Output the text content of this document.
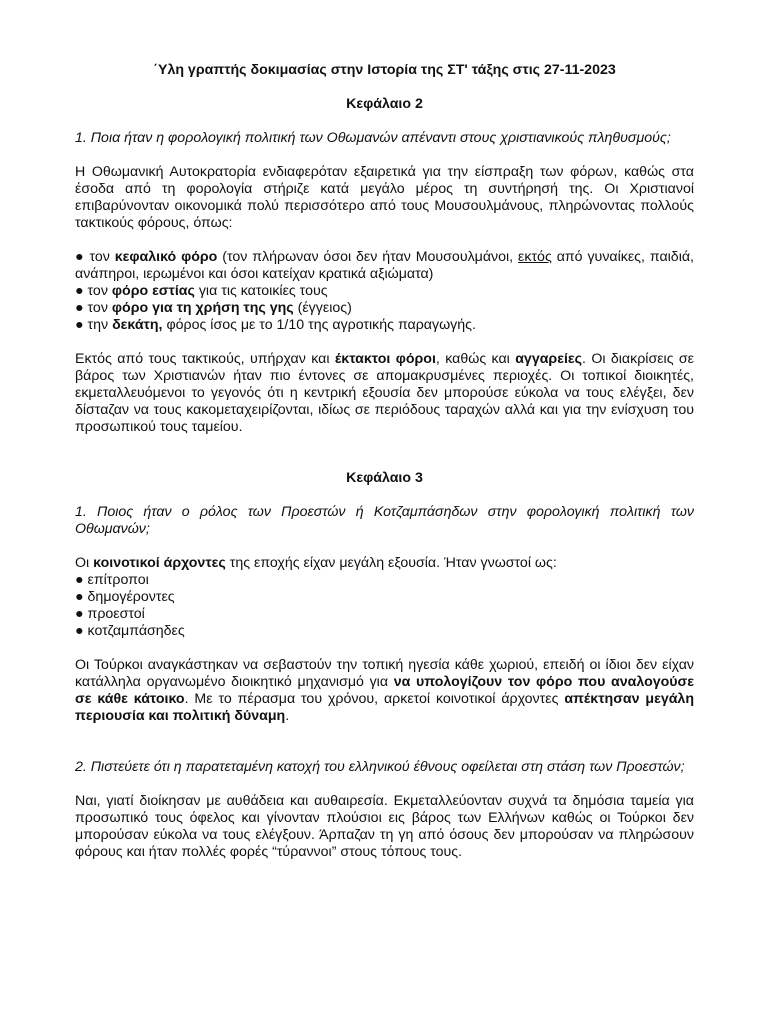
΄Υλη γραπτής δοκιμασίας στην Ιστορία της ΣΤ' τάξης στις 27-11-2023

Κεφάλαιο 2

1. Ποια ήταν η φορολογική πολιτική των Οθωμανών απέναντι στους χριστιανικούς πληθυσμούς;

Η Οθωμανική Αυτοκρατορία ενδιαφερόταν εξαιρετικά για την είσπραξη των φόρων, καθώς στα έσοδα από τη φορολογία στήριζε κατά μεγάλο μέρος τη συντήρησή της. Οι Χριστιανοί επιβαρύνονταν οικονομικά πολύ περισσότερο από τους Μουσουλμάνους, πληρώνοντας πολλούς τακτικούς φόρους, όπως:

● τον κεφαλικό φόρο (τον πλήρωναν όσοι δεν ήταν Μουσουλμάνοι, εκτός από γυναίκες, παιδιά, ανάπηροι, ιερωμένοι και όσοι κατείχαν κρατικά αξιώματα)

● τον φόρο εστίας για τις κατοικίες τους

● τον φόρο για τη χρήση της γης (έγγειος)

● την δεκάτη, φόρος ίσος με το 1/10 της αγροτικής παραγωγής.

Εκτός από τους τακτικούς, υπήρχαν και έκτακτοι φόροι, καθώς και αγγαρείες. Οι διακρίσεις σε βάρος των Χριστιανών ήταν πιο έντονες σε απομακρυσμένες περιοχές. Οι τοπικοί διοικητές, εκμεταλλευόμενοι το γεγονός ότι η κεντρική εξουσία δεν μπορούσε εύκολα να τους ελέγξει, δεν δίσταζαν να τους κακομεταχειρίζονται, ιδίως σε περιόδους ταραχών αλλά και για την ενίσχυση του προσωπικού τους ταμείου.

Κεφάλαιο 3

1. Ποιος ήταν ο ρόλος των Προεστών ή Κοτζαμπάσηδων στην φορολογική πολιτική των Οθωμανών;

Οι κοινοτικοί άρχοντες της εποχής είχαν μεγάλη εξουσία. Ήταν γνωστοί ως:

● επίτροποι

● δημογέροντες

● προεστοί

● κοτζαμπάσηδες

Οι Τούρκοι αναγκάστηκαν να σεβαστούν την τοπική ηγεσία κάθε χωριού, επειδή οι ίδιοι δεν είχαν κατάλληλα οργανωμένο διοικητικό μηχανισμό για να υπολογίζουν τον φόρο που αναλογούσε σε κάθε κάτοικο. Με το πέρασμα του χρόνου, αρκετοί κοινοτικοί άρχοντες απέκτησαν μεγάλη περιουσία και πολιτική δύναμη.

2. Πιστεύετε ότι η παρατεταμένη κατοχή του ελληνικού έθνους οφείλεται στη στάση των Προεστών;

Ναι, γιατί διοίκησαν με αυθάδεια και αυθαιρεσία. Εκμεταλλεύονταν συχνά τα δημόσια ταμεία για προσωπικό τους όφελος και γίνονταν πλούσιοι εις βάρος των Ελλήνων καθώς οι Τούρκοι δεν μπορούσαν εύκολα να τους ελέγξουν. Άρπαζαν τη γη από όσους δεν μπορούσαν να πληρώσουν φόρους και ήταν πολλές φορές “τύραννοι” στους τόπους τους.
